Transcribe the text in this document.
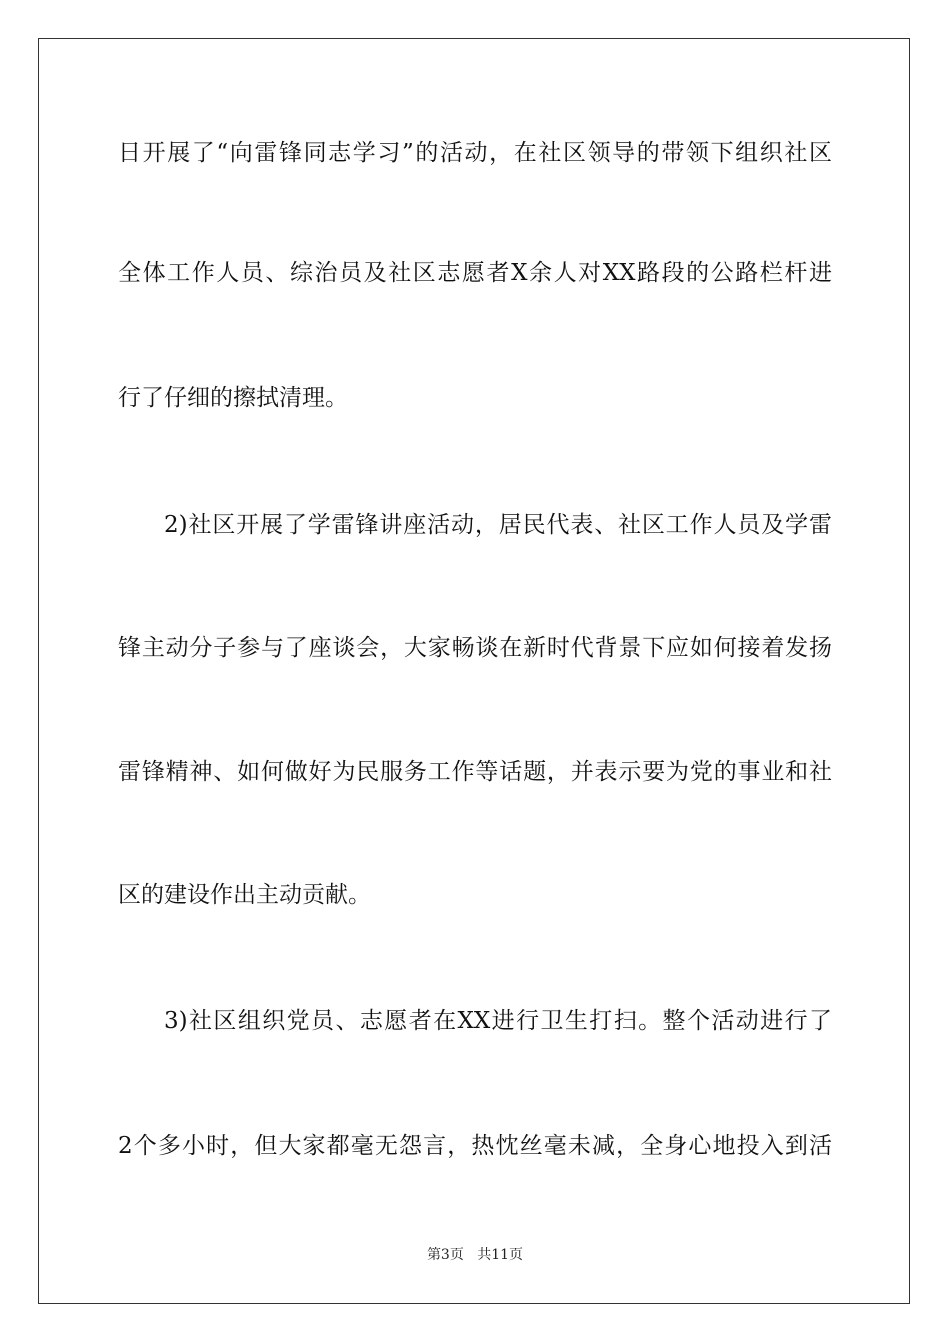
日开展了“向雷锋同志学习”的活动，在社区领导的带领下组织社区
全体工作人员、综治员及社区志愿者X余人对XX路段的公路栏杆进
行了仔细的擦拭清理。
2)社区开展了学雷锋讲座活动，居民代表、社区工作人员及学雷
锋主动分子参与了座谈会，大家畅谈在新时代背景下应如何接着发扬
雷锋精神、如何做好为民服务工作等话题，并表示要为党的事业和社
区的建设作出主动贡献。
3)社区组织党员、志愿者在XX进行卫生打扫。整个活动进行了
2个多小时，但大家都毫无怨言，热忱丝毫未减，全身心地投入到活
第3页 共11页
